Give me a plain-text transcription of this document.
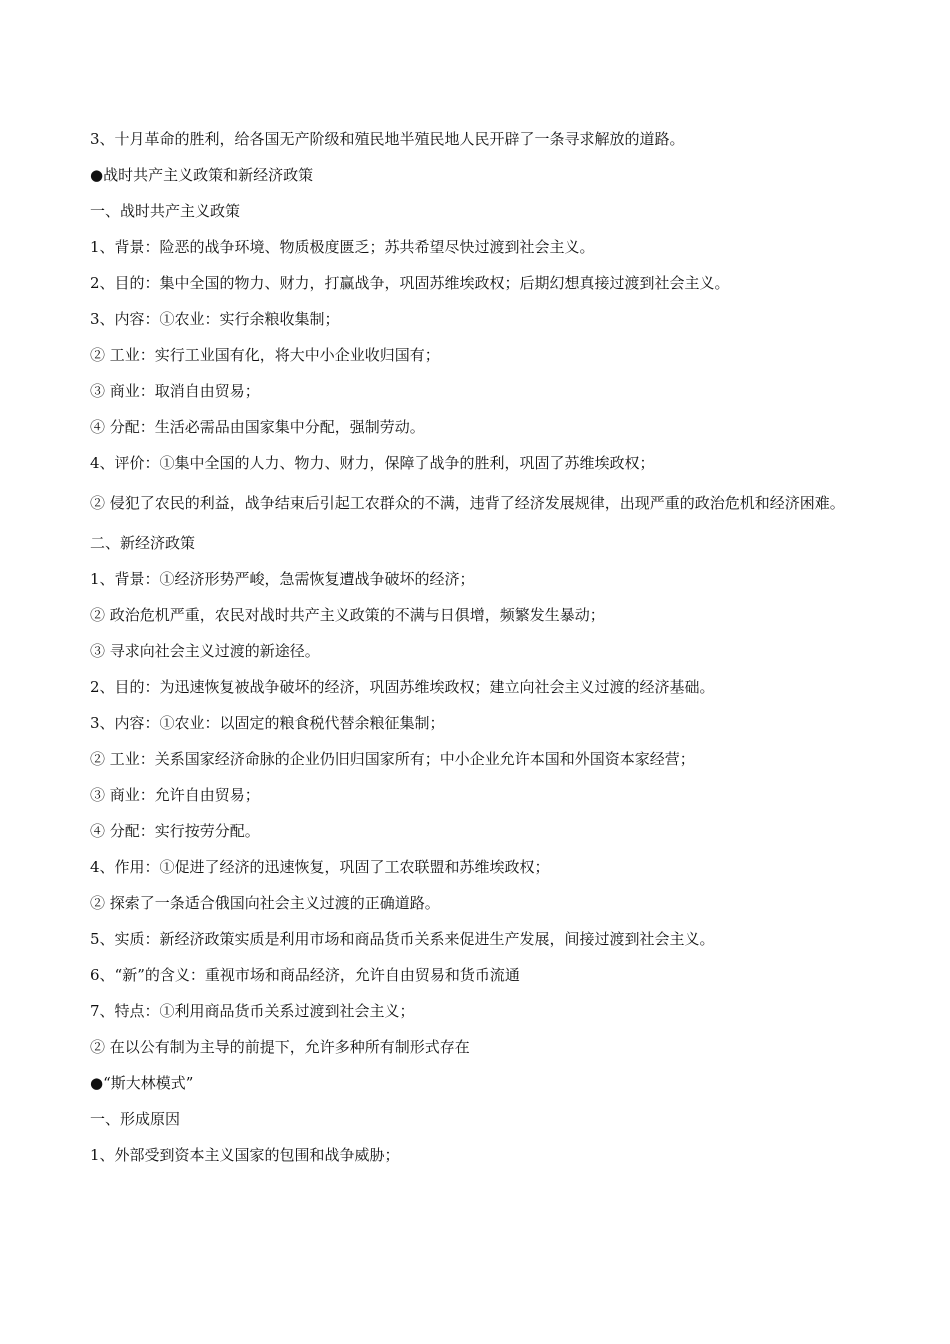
3、十月革命的胜利，给各国无产阶级和殖民地半殖民地人民开辟了一条寻求解放的道路。

●战时共产主义政策和新经济政策

一、战时共产主义政策

1、背景：险恶的战争环境、物质极度匮乏；苏共希望尽快过渡到社会主义。

2、目的：集中全国的物力、财力，打赢战争，巩固苏维埃政权；后期幻想真接过渡到社会主义。

3、内容：①农业：实行余粮收集制；

② 工业：实行工业国有化，将大中小企业收归国有；

③ 商业：取消自由贸易；

④ 分配：生活必需品由国家集中分配，强制劳动。

4、评价：①集中全国的人力、物力、财力，保障了战争的胜利，巩固了苏维埃政权；

② 侵犯了农民的利益，战争结束后引起工农群众的不满，违背了经济发展规律，出现严重的政治危机和经济困难。

二、新经济政策

1、背景：①经济形势严峻，急需恢复遭战争破坏的经济；

② 政治危机严重，农民对战时共产主义政策的不满与日俱增，频繁发生暴动；

③ 寻求向社会主义过渡的新途径。

2、目的：为迅速恢复被战争破坏的经济，巩固苏维埃政权；建立向社会主义过渡的经济基础。

3、内容：①农业：以固定的粮食税代替余粮征集制；

② 工业：关系国家经济命脉的企业仍旧归国家所有；中小企业允许本国和外国资本家经营；

③ 商业：允许自由贸易；

④ 分配：实行按劳分配。

4、作用：①促进了经济的迅速恢复，巩固了工农联盟和苏维埃政权；

② 探索了一条适合俄国向社会主义过渡的正确道路。

5、实质：新经济政策实质是利用市场和商品货币关系来促进生产发展，间接过渡到社会主义。

6、“新”的含义：重视市场和商品经济，允许自由贸易和货币流通

7、特点：①利用商品货币关系过渡到社会主义；

② 在以公有制为主导的前提下，允许多种所有制形式存在

●“斯大林模式”

一、形成原因

1、外部受到资本主义国家的包围和战争威胁；
